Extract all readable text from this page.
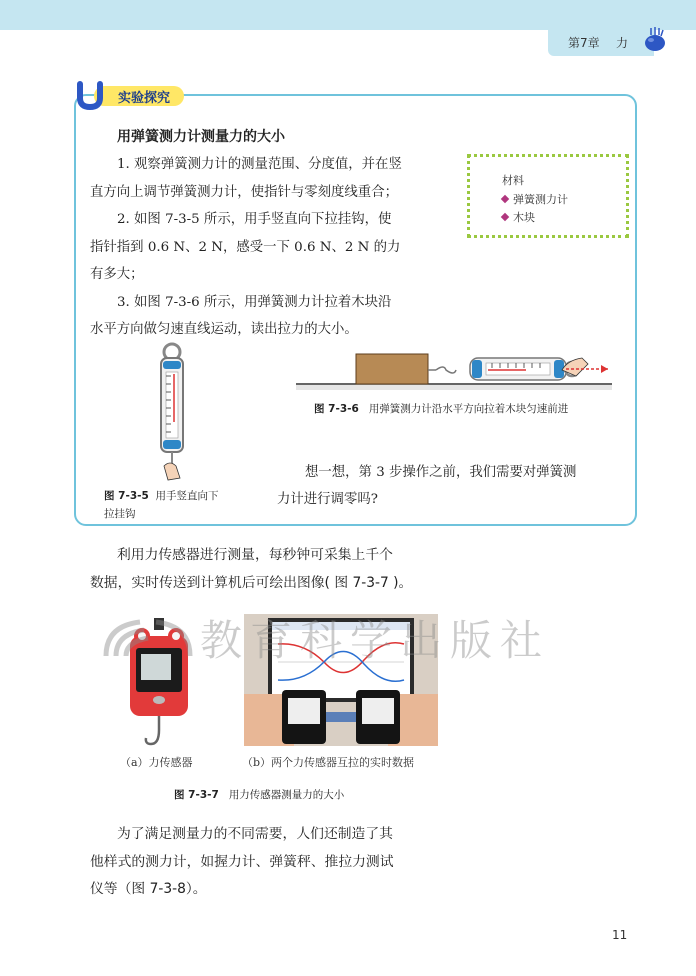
第7章 力
实验探究
用弹簧测力计测量力的大小
1. 观察弹簧测力计的测量范围、分度值，并在竖
直方向上调节弹簧测力计，使指针与零刻度线重合；
2. 如图 7-3-5 所示，用手竖直向下拉挂钩，使
指针指到 0.6 N、2 N，感受一下 0.6 N、2 N 的力
有多大；
3. 如图 7-3-6 所示，用弹簧测力计拉着木块沿
水平方向做匀速直线运动，读出拉力的大小。
材料
弹簧测力计
木块
图 7-3-5 用手竖直向下
拉挂钩
图 7-3-6 用弹簧测力计沿水平方向拉着木块匀速前进
想一想，第 3 步操作之前，我们需要对弹簧测
力计进行调零吗?
利用力传感器进行测量，每秒钟可采集上千个
数据，实时传送到计算机后可绘出图像( 图 7-3-7 )。
（a）力传感器	（b）两个力传感器互拉的实时数据
图 7-3-7 用力传感器测量力的大小
教育科学出版社
为了满足测量力的不同需要，人们还制造了其
他样式的测力计，如握力计、弹簧秤、推拉力测试
仪等（图 7-3-8）。
11
